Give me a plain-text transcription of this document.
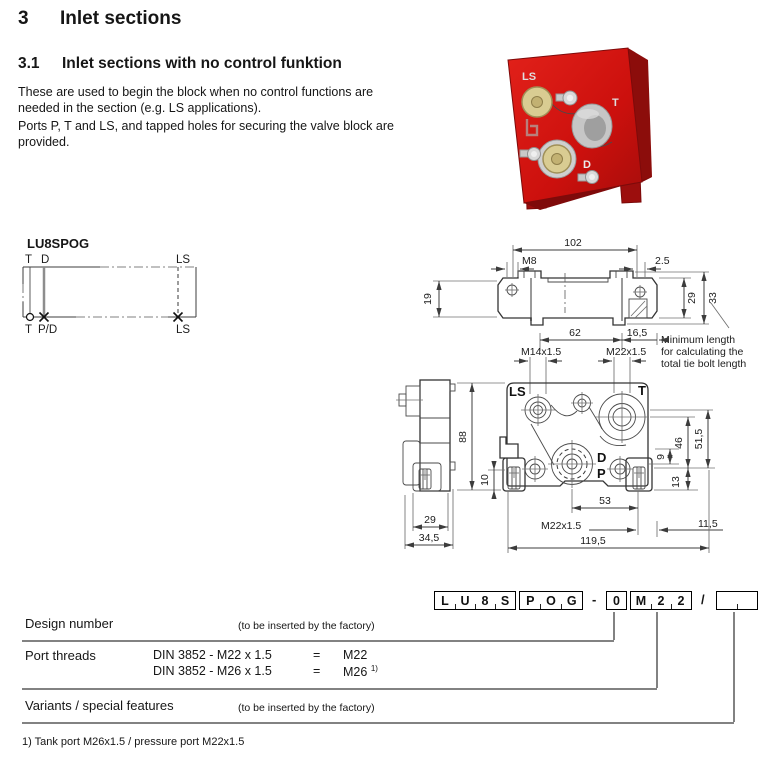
3 Inlet sections
3.1 Inlet sections with no control funktion
These are used to begin the block when no control functions are needed in the section (e.g. LS applications).
Ports P, T and LS, and tapped holes for securing the valve block are provided.
LS
T
D
LU8SPOG
T D	LS
T P/D	LS
102
M8	2.5
19	29 33
Minimum length
for calculating the
total tie bolt length
62	16,5
M14x1.5	M22x1.5
29
34,5
LS	T
D
P
88
10
9
46 51,5
13
53
M22x1.5	11,5
119,5
L U 8 S	P O G	-	0	M 2	2	/
Design number	(to be inserted by the factory)
Port threads	DIN 3852 - M22 x 1.5	= M22
DIN 3852 - M26 x 1.5	= M26 $^{1)}$
Variants / special features	(to be inserted by the factory)
1) Tank port M26x1.5 / pressure port M22x1.5
